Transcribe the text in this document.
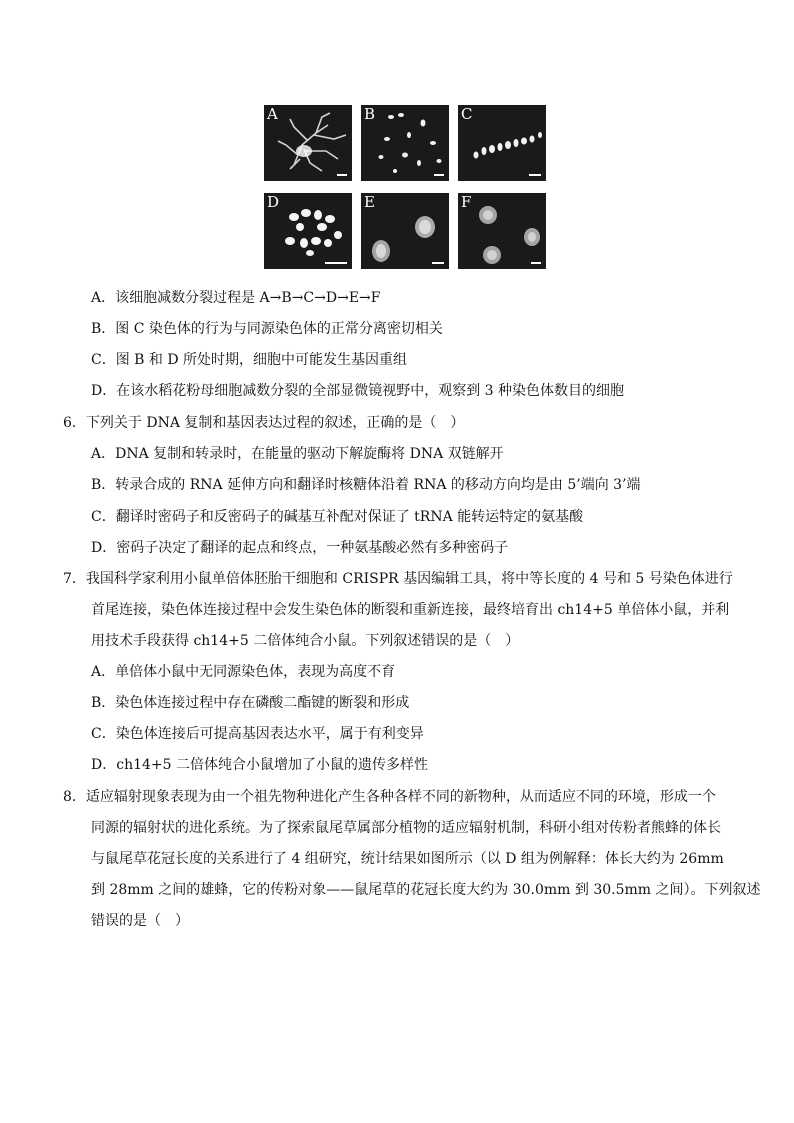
A	B	C
D	E	F
A．该细胞减数分裂过程是 A→B→C→D→E→F
B．图 C 染色体的行为与同源染色体的正常分离密切相关
C．图 B 和 D 所处时期，细胞中可能发生基因重组
D．在该水稻花粉母细胞减数分裂的全部显微镜视野中，观察到 3 种染色体数目的细胞
6．下列关于 DNA 复制和基因表达过程的叙述，正确的是（　）
A．DNA 复制和转录时，在能量的驱动下解旋酶将 DNA 双链解开
B．转录合成的 RNA 延伸方向和翻译时核糖体沿着 RNA 的移动方向均是由 5’端向 3’端
C．翻译时密码子和反密码子的碱基互补配对保证了 tRNA 能转运特定的氨基酸
D．密码子决定了翻译的起点和终点，一种氨基酸必然有多种密码子
7．我国科学家利用小鼠单倍体胚胎干细胞和 CRISPR 基因编辑工具，将中等长度的 4 号和 5 号染色体进行
首尾连接，染色体连接过程中会发生染色体的断裂和重新连接，最终培育出 ch14+5 单倍体小鼠，并利
用技术手段获得 ch14+5 二倍体纯合小鼠。下列叙述错误的是（　）
A．单倍体小鼠中无同源染色体，表现为高度不育
B．染色体连接过程中存在磷酸二酯键的断裂和形成
C．染色体连接后可提高基因表达水平，属于有利变异
D．ch14+5 二倍体纯合小鼠增加了小鼠的遗传多样性
8．适应辐射现象表现为由一个祖先物种进化产生各种各样不同的新物种，从而适应不同的环境，形成一个
同源的辐射状的进化系统。为了探索鼠尾草属部分植物的适应辐射机制，科研小组对传粉者熊蜂的体长
与鼠尾草花冠长度的关系进行了 4 组研究，统计结果如图所示（以 D 组为例解释：体长大约为 26mm
到 28mm 之间的雄蜂，它的传粉对象——鼠尾草的花冠长度大约为 30.0mm 到 30.5mm 之间）。下列叙述
错误的是（　）
